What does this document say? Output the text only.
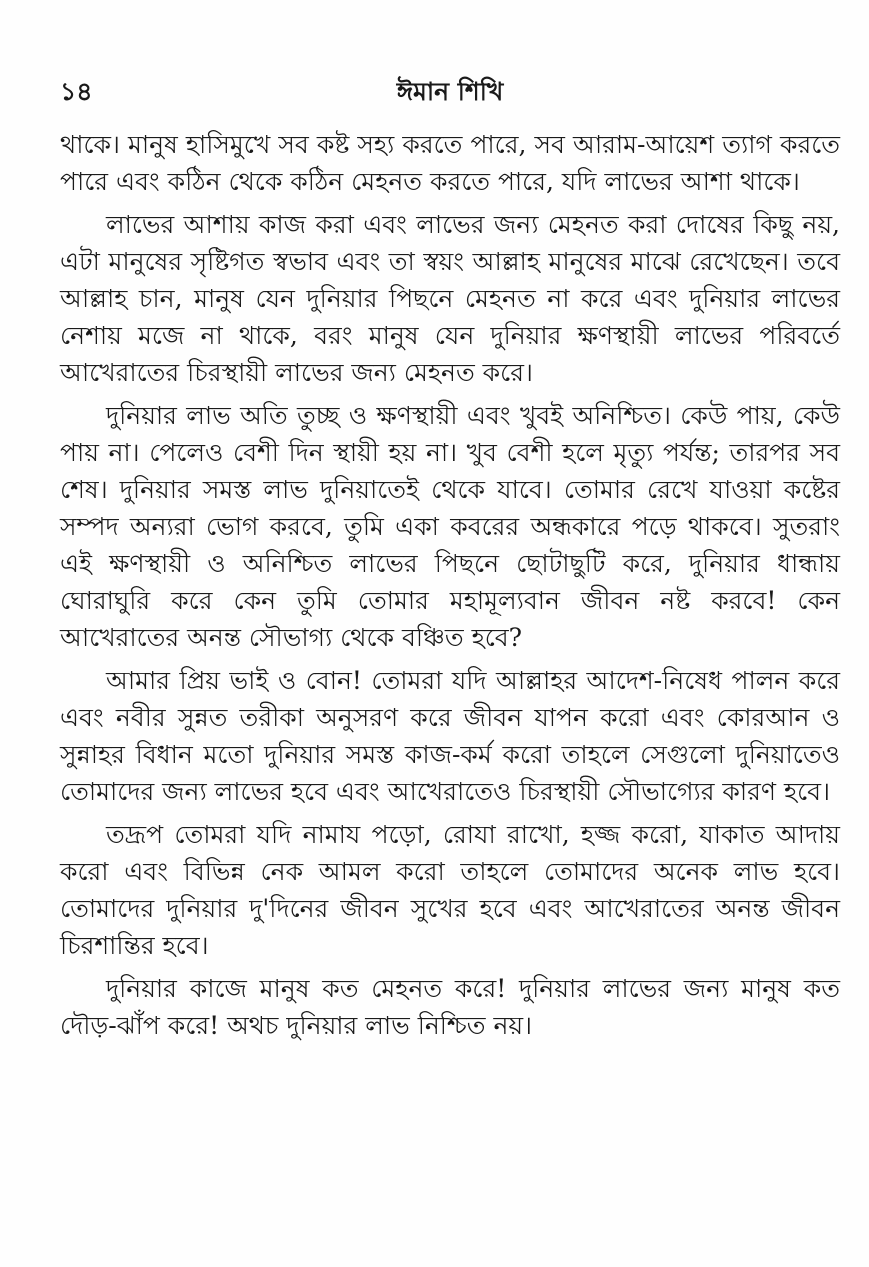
১৪	ঈমান শিখি

থাকে। মানুষ হাসিমুখে সব কষ্ট সহ্য করতে পারে, সব আরাম-আয়েশ ত্যাগ করতে পারে এবং কঠিন থেকে কঠিন মেহনত করতে পারে, যদি লাভের আশা থাকে।

লাভের আশায় কাজ করা এবং লাভের জন্য মেহনত করা দোষের কিছু নয়, এটা মানুষের সৃষ্টিগত স্বভাব এবং তা স্বয়ং আল্লাহ মানুষের মাঝে রেখেছেন। তবে আল্লাহ চান, মানুষ যেন দুনিয়ার পিছনে মেহনত না করে এবং দুনিয়ার লাভের নেশায় মজে না থাকে, বরং মানুষ যেন দুনিয়ার ক্ষণস্থায়ী লাভের পরিবর্তে আখেরাতের চিরস্থায়ী লাভের জন্য মেহনত করে।

দুনিয়ার লাভ অতি তুচ্ছ ও ক্ষণস্থায়ী এবং খুবই অনিশ্চিত। কেউ পায়, কেউ পায় না। পেলেও বেশী দিন স্থায়ী হয় না। খুব বেশী হলে মৃত্যু পর্যন্ত; তারপর সব শেষ। দুনিয়ার সমস্ত লাভ দুনিয়াতেই থেকে যাবে। তোমার রেখে যাওয়া কষ্টের সম্পদ অন্যরা ভোগ করবে, তুমি একা কবরের অন্ধকারে পড়ে থাকবে। সুতরাং এই ক্ষণস্থায়ী ও অনিশ্চিত লাভের পিছনে ছোটাছুটি করে, দুনিয়ার ধান্ধায় ঘোরাঘুরি করে কেন তুমি তোমার মহামূল্যবান জীবন নষ্ট করবে! কেন আখেরাতের অনন্ত সৌভাগ্য থেকে বঞ্চিত হবে?

আমার প্রিয় ভাই ও বোন! তোমরা যদি আল্লাহর আদেশ-নিষেধ পালন করে এবং নবীর সুন্নত তরীকা অনুসরণ করে জীবন যাপন করো এবং কোরআন ও সুন্নাহর বিধান মতো দুনিয়ার সমস্ত কাজ-কর্ম করো তাহলে সেগুলো দুনিয়াতেও তোমাদের জন্য লাভের হবে এবং আখেরাতেও চিরস্থায়ী সৌভাগ্যের কারণ হবে।

তদ্রূপ তোমরা যদি নামায পড়ো, রোযা রাখো, হজ্জ করো, যাকাত আদায় করো এবং বিভিন্ন নেক আমল করো তাহলে তোমাদের অনেক লাভ হবে। তোমাদের দুনিয়ার দু'দিনের জীবন সুখের হবে এবং আখেরাতের অনন্ত জীবন চিরশান্তির হবে।

দুনিয়ার কাজে মানুষ কত মেহনত করে! দুনিয়ার লাভের জন্য মানুষ কত দৌড়-ঝাঁপ করে! অথচ দুনিয়ার লাভ নিশ্চিত নয়।
